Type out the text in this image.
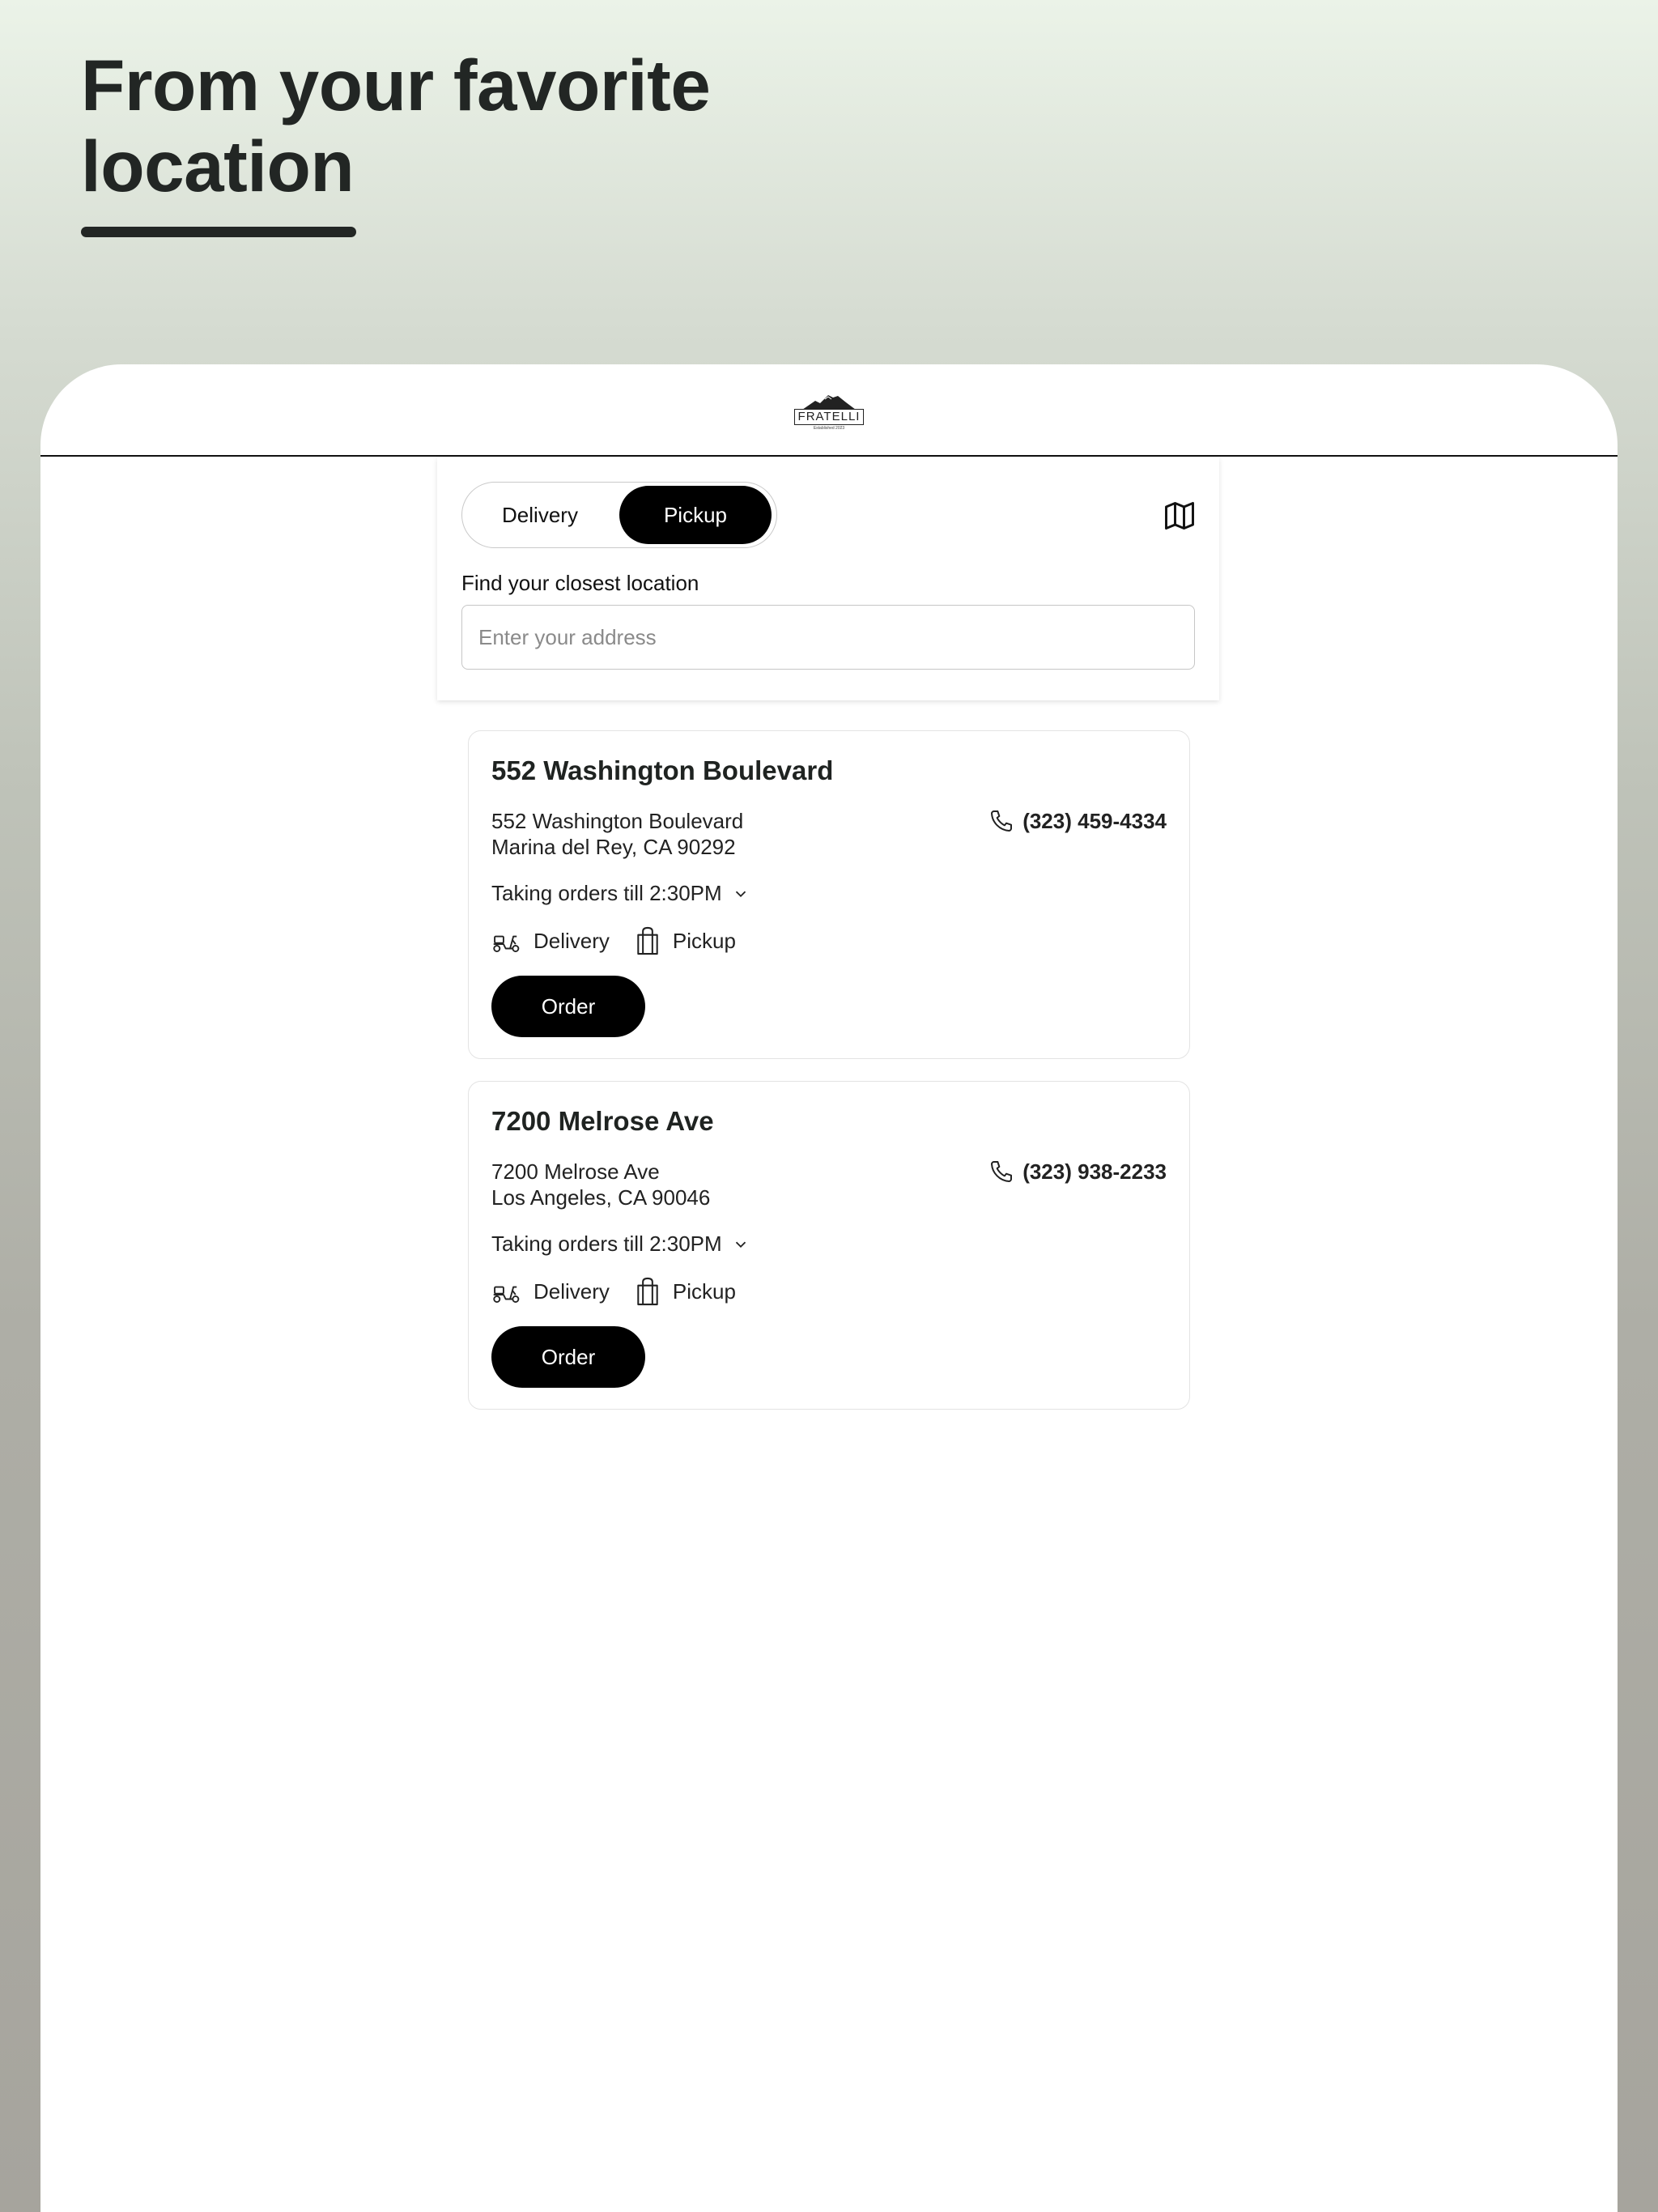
From your favorite
location
FRATELLI
Established 2023
Delivery	Pickup
Find your closest location
Enter your address
552 Washington Boulevard
552 Washington Boulevard
Marina del Rey, CA 90292
(323) 459-4334
Taking orders till 2:30PM
Delivery	Pickup
Order
7200 Melrose Ave
7200 Melrose Ave
Los Angeles, CA 90046
(323) 938-2233
Taking orders till 2:30PM
Delivery	Pickup
Order
